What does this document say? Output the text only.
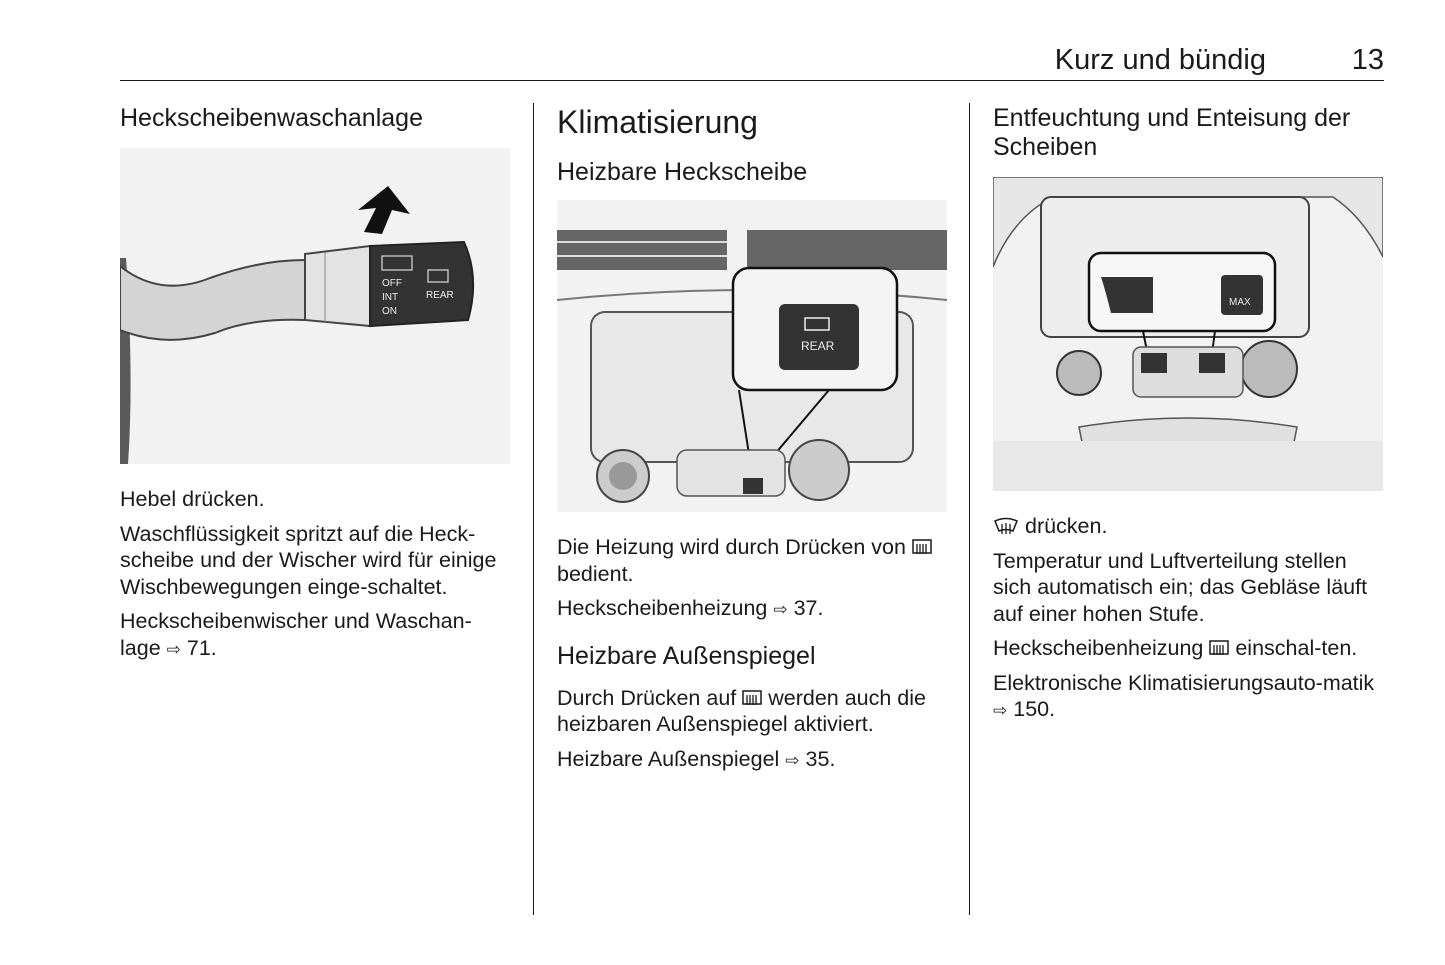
Kurz und bündig	13
Heckscheibenwaschanlage
OFF
INT
ON
REAR

Hebel drücken.

Waschflüssigkeit spritzt auf die Heck-scheibe und der Wischer wird für einige Wischbewegungen einge-schaltet.

Heckscheibenwischer und Waschan-lage ⇨ 71.

Klimatisierung
Heizbare Heckscheibe
REAR

Die Heizung wird durch Drücken von  bedient.

Heckscheibenheizung ⇨ 37.

Heizbare Außenspiegel

Durch Drücken auf werden auch die heizbaren Außenspiegel aktiviert.

Heizbare Außenspiegel ⇨ 35.

Entfeuchtung und Enteisung der
Scheiben
MAX

drücken.

Temperatur und Luftverteilung stellen sich automatisch ein; das Gebläse läuft auf einer hohen Stufe.

Heckscheibenheizung einschal-ten.

Elektronische Klimatisierungsauto-matik ⇨ 150.
